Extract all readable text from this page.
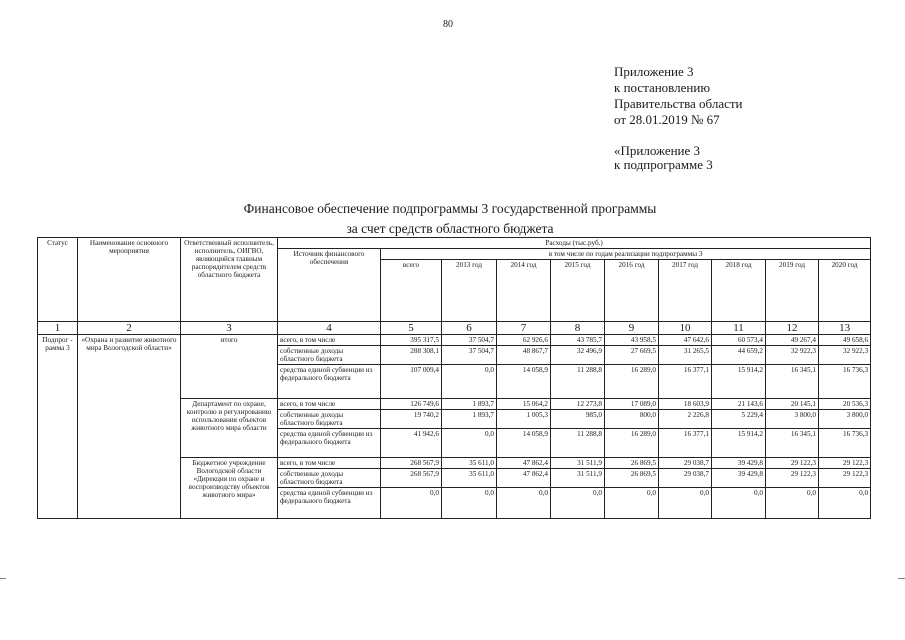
80
Приложение 3
к постановлению
Правительства области
от 28.01.2019 № 67
«Приложение 3
к подпрограмме 3
Финансовое обеспечение подпрограммы 3 государственной программы
за счет средств областного бюджета
Статус	Наименование основного мероприятия	Ответственный исполнитель, исполнитель, ОИГВО, являющийся главным распорядителем средств областного бюджета	Расходы (тыс.руб.)									
			Источник финансового обеспечения	в том числе по годам реализации подпрограммы 3								
				всего	2013 год	2014 год	2015 год	2016 год	2017 год	2018 год	2019 год	2020 год
1	2	3	4	5	6	7	8	9	10	11	12	13
Подпрог - рамма 3	«Охрана и развитие животного мира Вологодской области»	итого	всего, в том числе	395 317,5	37 504,7	62 926,6	43 785,7	43 958,5	47 642,6	60 573,4	49 267,4	49 658,6
			собственные доходы областного бюджета	288 308,1	37 504,7	48 867,7	32 496,9	27 669,5	31 265,5	44 659,2	32 922,3	32 922,3
			средства единой субвенции из федерального бюджета	107 009,4	0,0	14 058,9	11 288,8	16 289,0	16 377,1	15 914,2	16 345,1	16 736,3
		Департамент по охране, контролю и регулированию использования объектов животного мира области	всего, в том числе	126 749,6	1 893,7	15 064,2	12 273,8	17 089,0	18 603,9	21 143,6	20 145,1	20 536,3
			собственные доходы областного бюджета	19 740,2	1 893,7	1 005,3	985,0	800,0	2 226,8	5 229,4	3 800,0	3 800,0
			средства единой субвенции из федерального бюджета	41 942,6	0,0	14 058,9	11 288,8	16 289,0	16 377,1	15 914,2	16 345,1	16 736,3
		Бюджетное учреждение Вологодской области «Дирекция по охране и воспроизводству объектов животного мира»	всего, в том числе	268 567,9	35 611,0	47 862,4	31 511,9	26 869,5	29 038,7	39 429,8	29 122,3	29 122,3
			собственные доходы областного бюджета	268 567,9	35 611,0	47 862,4	31 511,9	26 869,5	29 038,7	39 429,8	29 122,3	29 122,3
			средства единой субвенции из федерального бюджета	0,0	0,0	0,0	0,0	0,0	0,0	0,0	0,0	0,0
